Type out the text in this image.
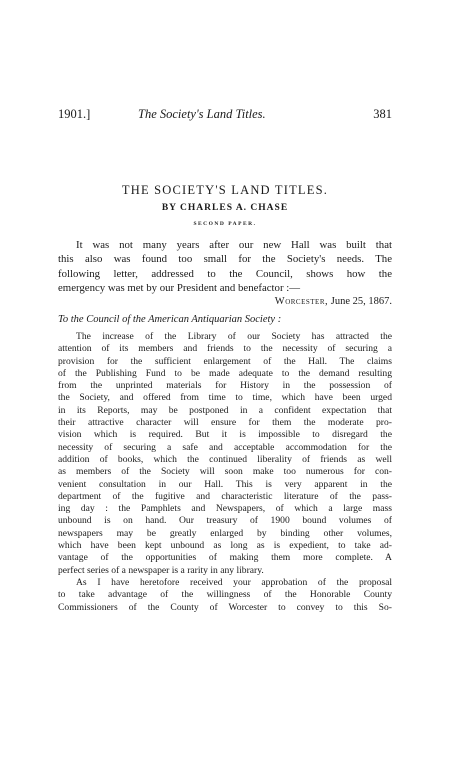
1901.]	The Society's Land Titles.	381
THE SOCIETY'S LAND TITLES.
BY CHARLES A. CHASE
SECOND PAPER.
It was not many years after our new Hall was built that
this also was found too small for the Society's needs. The
following letter, addressed to the Council, shows how the
emergency was met by our President and benefactor :—
Worcester, June 25, 1867.
To the Council of the American Antiquarian Society :
The increase of the Library of our Society has attracted the
attention of its members and friends to the necessity of securing a
provision for the sufficient enlargement of the Hall. The claims
of the Publishing Fund to be made adequate to the demand resulting
from the unprinted materials for History in the possession of
the Society, and offered from time to time, which have been urged
in its Reports, may be postponed in a confident expectation that
their attractive character will ensure for them the moderate pro-
vision which is required. But it is impossible to disregard the
necessity of securing a safe and acceptable accommodation for the
addition of books, which the continued liberality of friends as well
as members of the Society will soon make too numerous for con-
venient consultation in our Hall. This is very apparent in the
department of the fugitive and characteristic literature of the pass-
ing day : the Pamphlets and Newspapers, of which a large mass
unbound is on hand. Our treasury of 1900 bound volumes of
newspapers may be greatly enlarged by binding other volumes,
which have been kept unbound as long as is expedient, to take ad-
vantage of the opportunities of making them more complete. A
perfect series of a newspaper is a rarity in any library.
As I have heretofore received your approbation of the proposal
to take advantage of the willingness of the Honorable County
Commissioners of the County of Worcester to convey to this So-
